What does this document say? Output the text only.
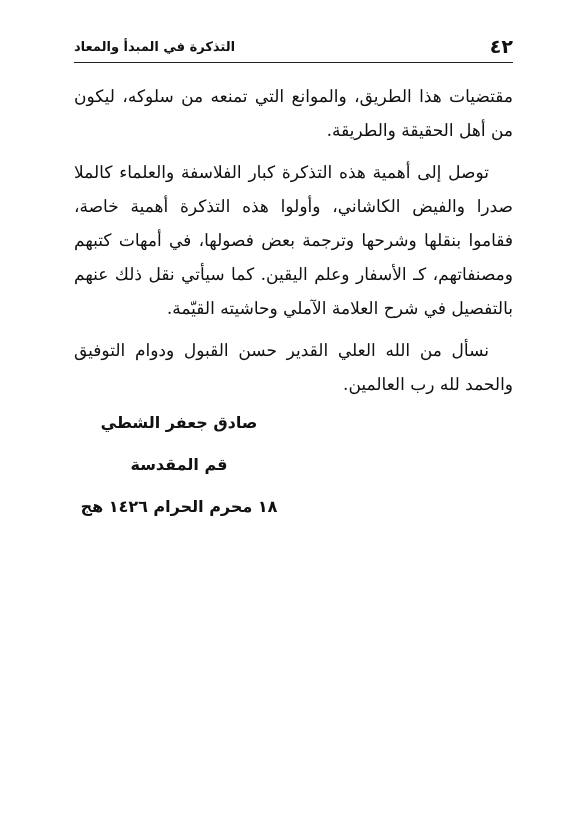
٤٢
التذكرة في المبدأ والمعاد

مقتضيات هذا الطريق، والموانع التي تمنعه من سلوكه، ليكون من أهل الحقيقة والطريقة.

توصل إلى أهمية هذه التذكرة كبار الفلاسفة والعلماء كالملا صدرا والفيض الكاشاني، وأولوا هذه التذكرة أهمية خاصة، فقاموا بنقلها وشرحها وترجمة بعض فصولها، في أمهات كتبهم ومصنفاتهم، كـ الأسفار وعلم اليقين. كما سيأتي نقل ذلك عنهم بالتفصيل في شرح العلامة الآملي وحاشيته القيّمة.

نسأل من الله العلي القدير حسن القبول ودوام التوفيق والحمد لله رب العالمين.

صادق جعفر الشطي
قم المقدسة
١٨ محرم الحرام ١٤٢٦ هج
